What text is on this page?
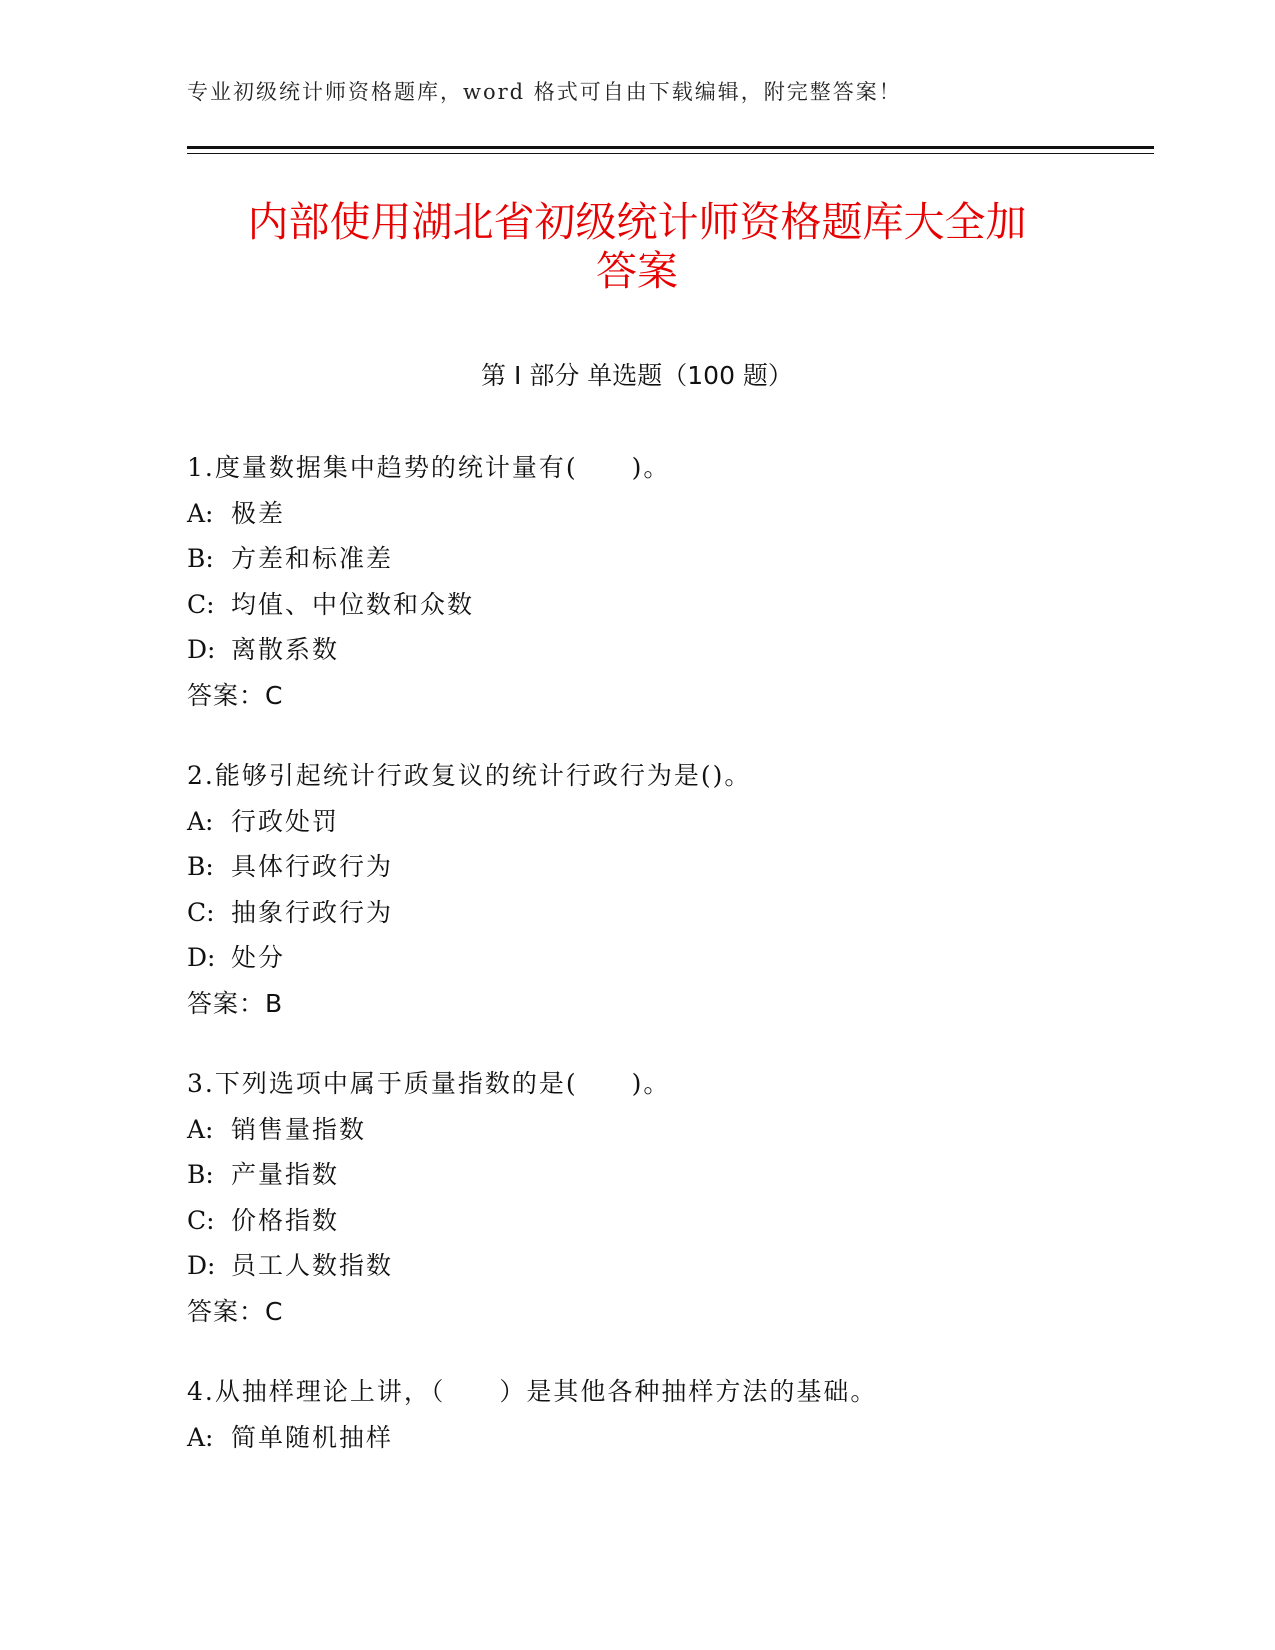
专业初级统计师资格题库，word 格式可自由下载编辑，附完整答案！
内部使用湖北省初级统计师资格题库大全加
答案
第 I 部分 单选题（100 题）
1.度量数据集中趋势的统计量有(　　)。
A: 极差
B: 方差和标准差
C: 均值、中位数和众数
D: 离散系数
答案：C
2.能够引起统计行政复议的统计行政行为是()。
A: 行政处罚
B: 具体行政行为
C: 抽象行政行为
D: 处分
答案：B
3.下列选项中属于质量指数的是(　　)。
A: 销售量指数
B: 产量指数
C: 价格指数
D: 员工人数指数
答案：C
4.从抽样理论上讲，（　　）是其他各种抽样方法的基础。
A: 简单随机抽样
